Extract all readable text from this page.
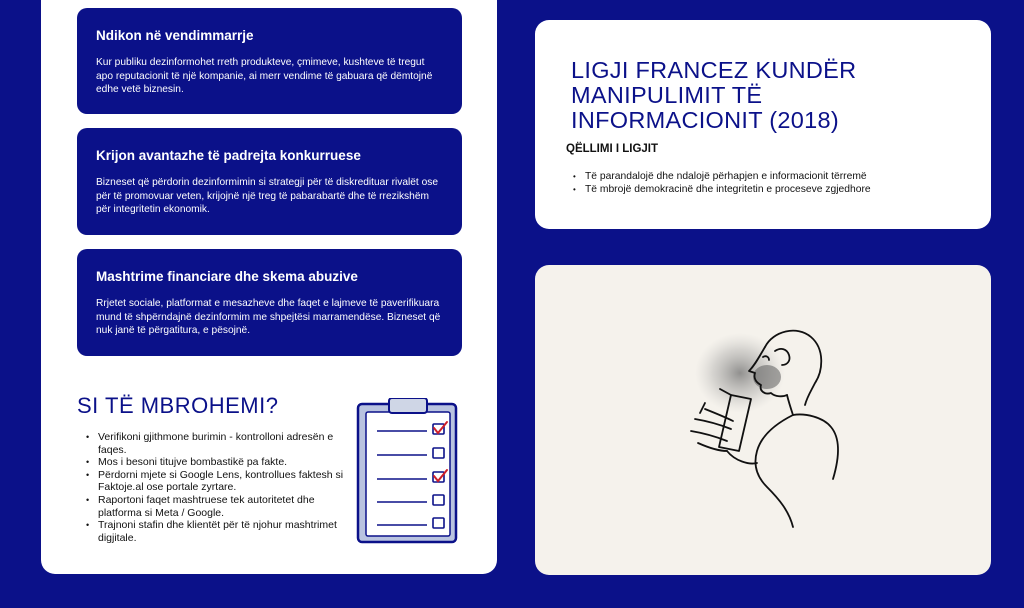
Ndikon në vendimmarrje
Kur publiku dezinformohet rreth produkteve, çmimeve, kushteve të tregut apo reputacionit të një kompanie, ai merr vendime të gabuara që dëmtojnë edhe vetë biznesin.
Krijon avantazhe të padrejta konkurruese
Bizneset që përdorin dezinformimin si strategji për të diskredituar rivalët ose për të promovuar veten, krijojnë një treg të pabarabartë dhe të rrezikshëm për integritetin ekonomik.
Mashtrime financiare dhe skema abuzive
Rrjetet sociale, platformat e mesazheve dhe faqet e lajmeve të paverifikuara mund të shpërndajnë dezinformim me shpejtësi marramendëse. Bizneset që nuk janë të përgatitura, e pësojnë.
SI TË MBROHEMI?
• Verifikoni gjithmone burimin - kontrolloni adresën e faqes.
• Mos i besoni titujve bombastikë pa fakte.
• Përdorni mjete si Google Lens, kontrollues faktesh si Faktoje.al ose portale zyrtare.
• Raportoni faqet mashtruese tek autoritetet dhe platforma si Meta / Google.
• Trajnoni stafin dhe klientët për të njohur mashtrimet digjitale.
LIGJI FRANCEZ KUNDËR MANIPULIMIT TË INFORMACIONIT (2018)
QËLLIMI I LIGJIT
• Të parandalojë dhe ndalojë përhapjen e informacionit tërremë
• Të mbrojë demokracinë dhe integritetin e proceseve zgjedhore
